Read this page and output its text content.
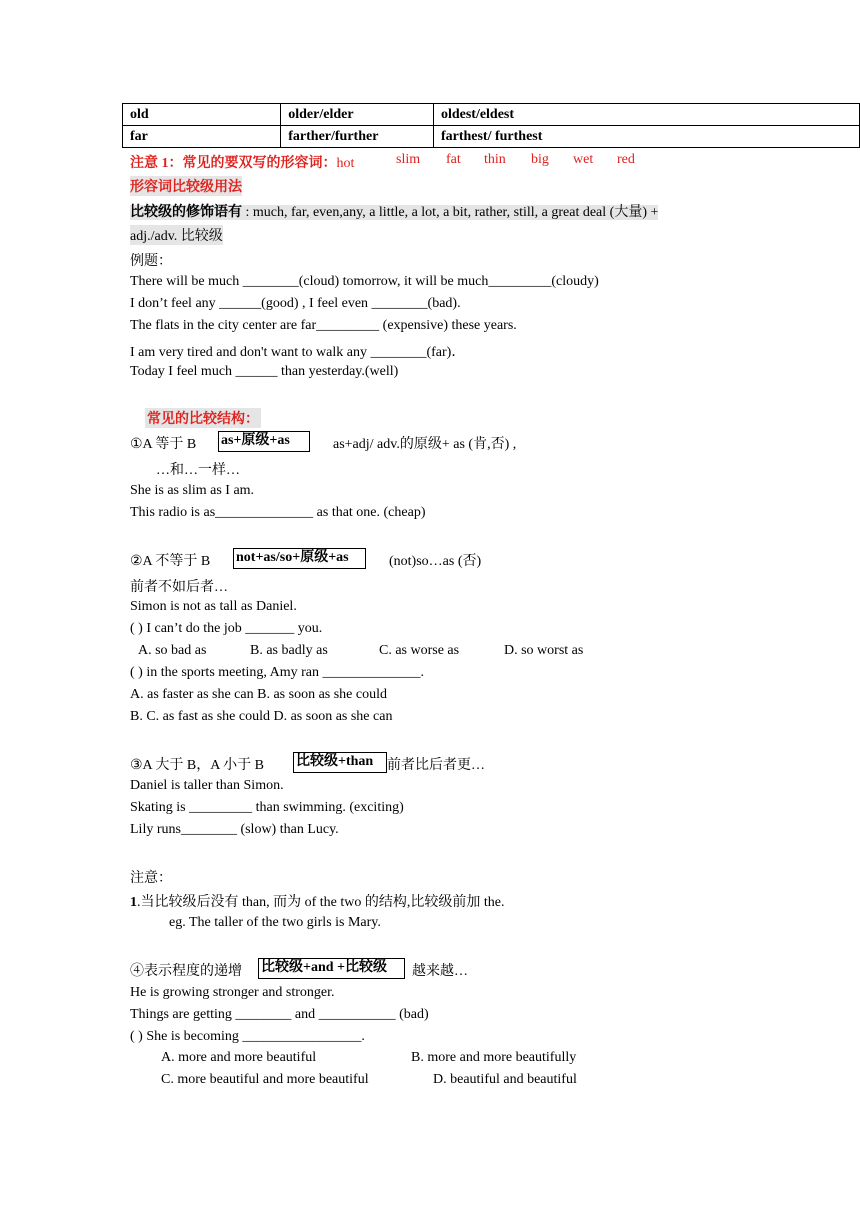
old	older/elder	oldest/eldest
far	farther/further	farthest/ furthest
注意 1：常见的要双写的形容词：hot	slim fat thin big wet red
形容词比较级用法
比较级的修饰语有 : much, far, even,any, a little, a lot, a bit, rather, still, a great deal (大量) +
adj./adv. 比较级
例题：
There will be much ________(cloud) tomorrow, it will be much_________(cloudy)
I don’t feel any ______(good) , I feel even ________(bad).
The flats in the city center are far_________ (expensive) these years.
I am very tired and don't want to walk any ________(far)．
Today I feel much ______ than yesterday.(well)
常见的比较结构：
①A 等于 B as+原级+as	as+adj/ adv.的原级+ as (肯,否) ,
…和…一样…
She is as slim as I am.
This radio is as______________ as that one. (cheap)
②A 不等于 B not+as/so+原级+as	(not)so…as (否)
前者不如后者…
Simon is not as tall as Daniel.
( ) I can’t do the job _______ you.
A. so bad as	B. as badly as	C. as worse as	D. so worst as
( ) in the sports meeting, Amy ran ______________.
A. as faster as she can B. as soon as she could
B. C. as fast as she could D. as soon as she can
③A 大于 B，A 小于 B 比较级+than 前者比后者更…
Daniel is taller than Simon.
Skating is _________ than swimming. (exciting)
Lily runs________ (slow) than Lucy.
注意：
1.当比较级后没有 than, 而为 of the two 的结构,比较级前加 the.
eg. The taller of the two girls is Mary.
④表示程度的递增 比较级+and +比较级	越来越…
He is growing stronger and stronger.
Things are getting ________ and ___________ (bad)
( ) She is becoming _________________.
A. more and more beautiful	B. more and more beautifully
C. more beautiful and more beautiful	D. beautiful and beautiful
